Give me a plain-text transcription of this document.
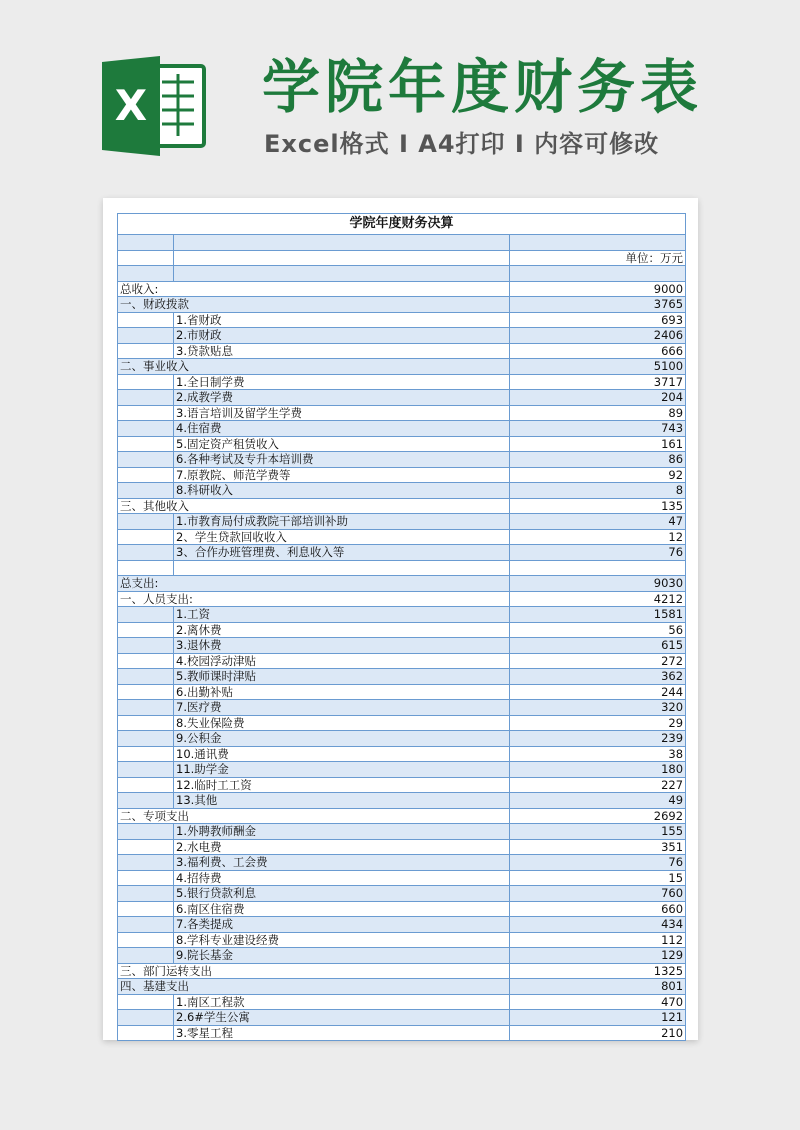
X 学院年度财务表
Excel格式 Ⅰ A4打印 Ⅰ 内容可修改
学院年度财务决算		

		单位：万元

总收入:		9000
一、财政拨款		3765
	1.省财政	693
	2.市财政	2406
	3.贷款贴息	666
二、事业收入		5100
	1.全日制学费	3717
	2.成教学费	204
	3.语言培训及留学生学费	89
	4.住宿费	743
	5.固定资产租赁收入	161
	6.各种考试及专升本培训费	86
	7.原教院、师范学费等	92
	8.科研收入	8
三、其他收入		135
	1.市教育局付成教院干部培训补助	47
	2、学生贷款回收收入	12
	3、合作办班管理费、利息收入等	76

总支出:		9030
一、人员支出:		4212
	1.工资	1581
	2.离休费	56
	3.退休费	615
	4.校园浮动津贴	272
	5.教师课时津贴	362
	6.出勤补贴	244
	7.医疗费	320
	8.失业保险费	29
	9.公积金	239
	10.通讯费	38
	11.助学金	180
	12.临时工工资	227
	13.其他	49
二、专项支出		2692
	1.外聘教师酬金	155
	2.水电费	351
	3.福利费、工会费	76
	4.招待费	15
	5.银行贷款利息	760
	6.南区住宿费	660
	7.各类提成	434
	8.学科专业建设经费	112
	9.院长基金	129
三、部门运转支出		1325
四、基建支出		801
	1.南区工程款	470
	2.6#学生公寓	121
	3.零星工程	210
